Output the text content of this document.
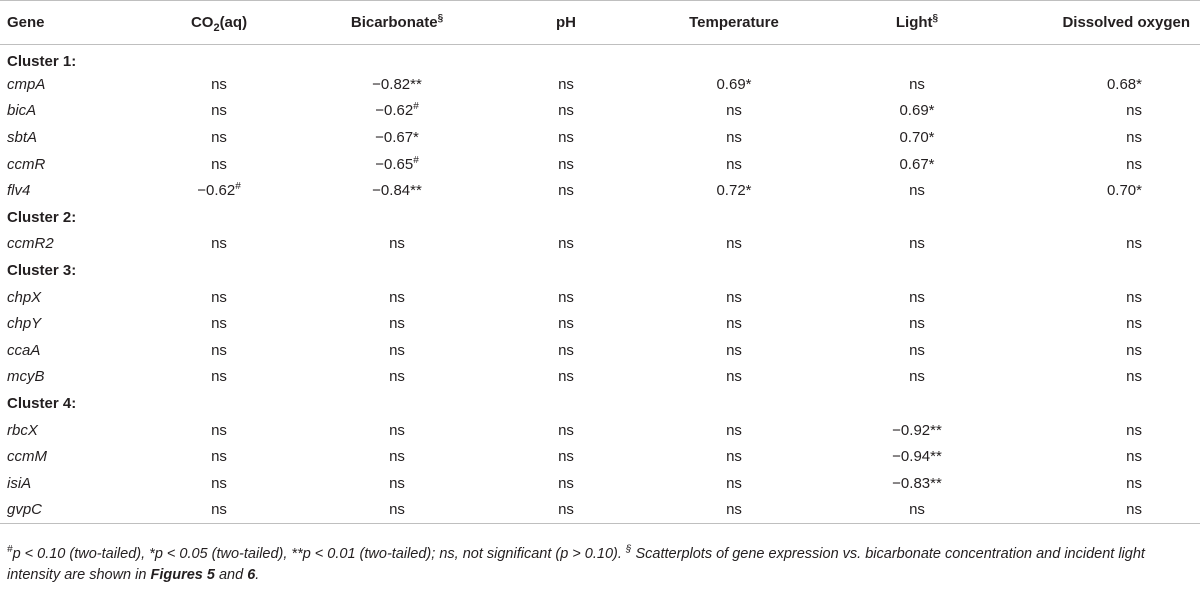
Gene	$CO_2(aq)$	Bicarbonate§	pH	Temperature	Light§	Dissolved oxygen
Cluster 1:						
cmpA	ns	−0.82**	ns	0.69*	ns	0.68*
bicA	ns	−0.62#	ns	ns	0.69*	ns
sbtA	ns	−0.67*	ns	ns	0.70*	ns
ccmR	ns	−0.65#	ns	ns	0.67*	ns
flv4	−0.62#	−0.84**	ns	0.72*	ns	0.70*
Cluster 2:						
ccmR2	ns	ns	ns	ns	ns	ns
Cluster 3:						
chpX	ns	ns	ns	ns	ns	ns
chpY	ns	ns	ns	ns	ns	ns
ccaA	ns	ns	ns	ns	ns	ns
mcyB	ns	ns	ns	ns	ns	ns
Cluster 4:						
rbcX	ns	ns	ns	ns	−0.92**	ns
ccmM	ns	ns	ns	ns	−0.94**	ns
isiA	ns	ns	ns	ns	−0.83**	ns
gvpC	ns	ns	ns	ns	ns	ns
#p < 0.10 (two-tailed), *p < 0.05 (two-tailed), **p < 0.01 (two-tailed); ns, not significant (p > 0.10). § Scatterplots of gene expression vs. bicarbonate concentration and incident light intensity are shown in Figures 5 and 6.
